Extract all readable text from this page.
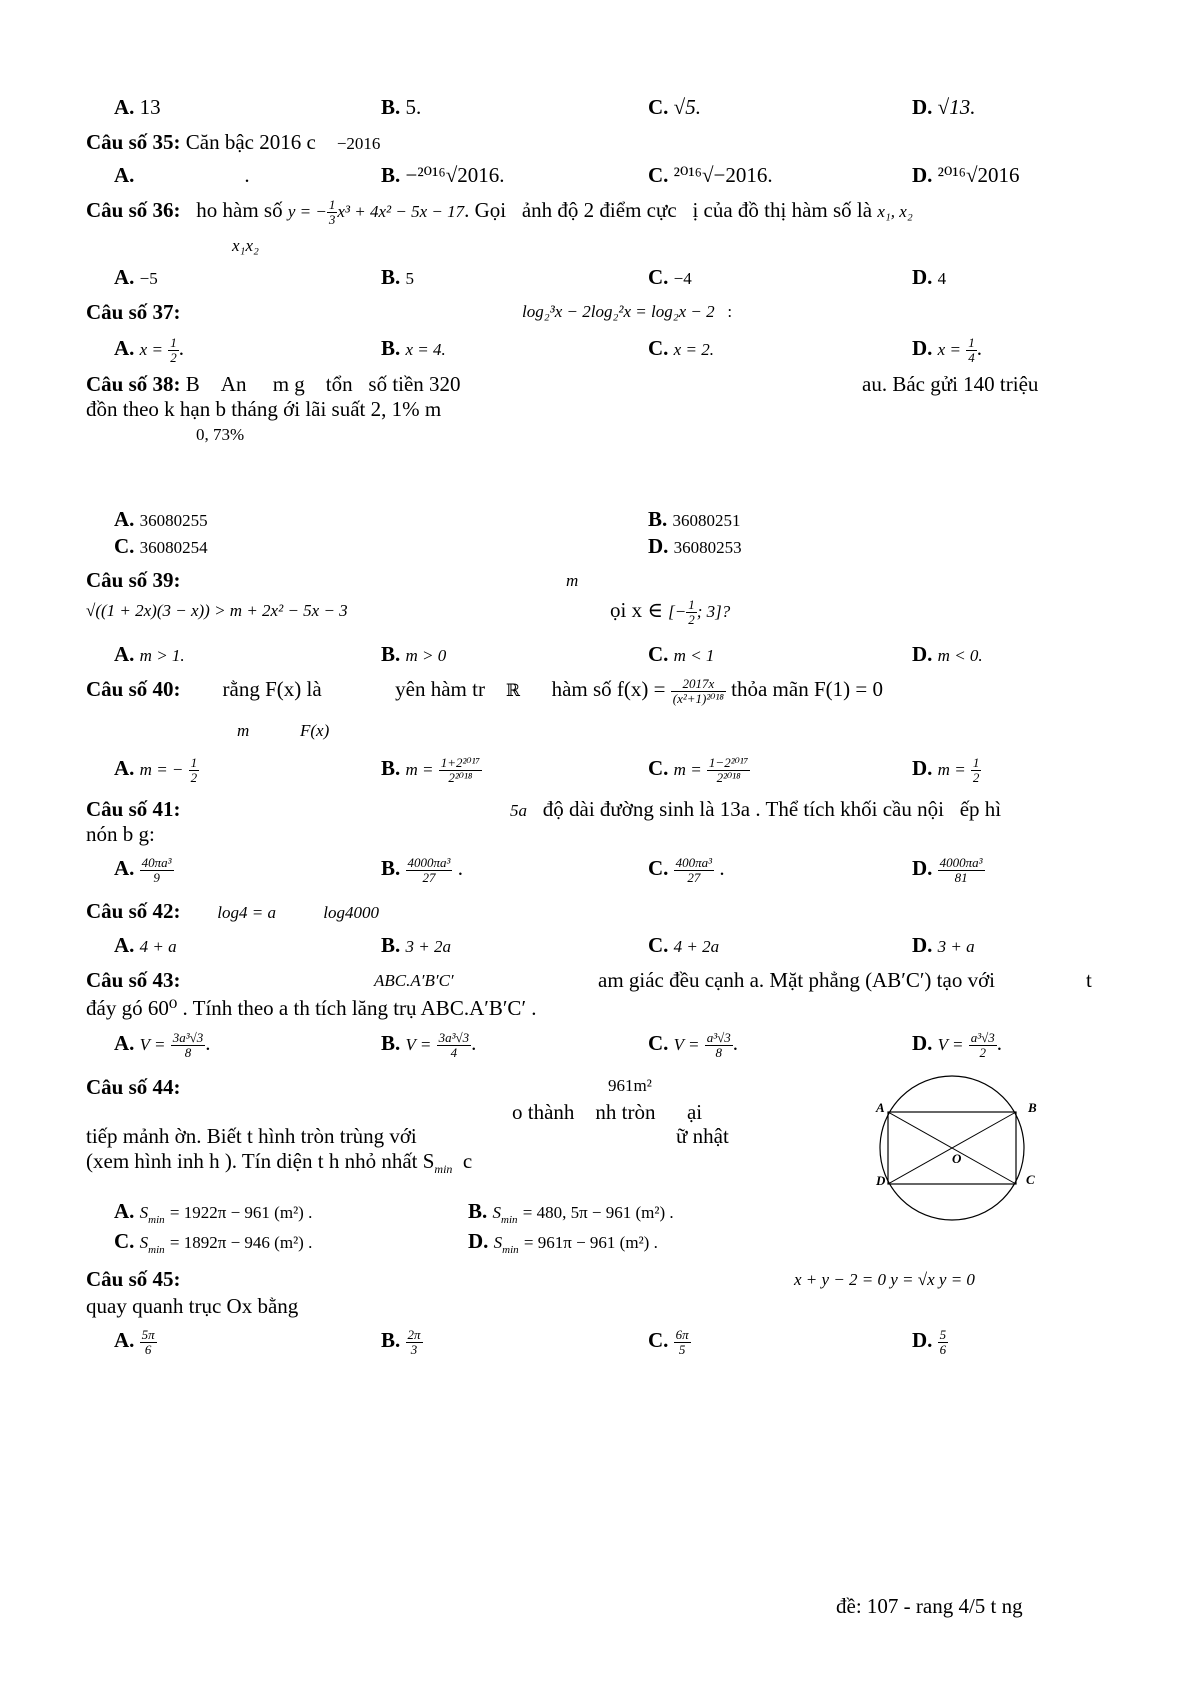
A. 13	B. 5.	C. √5.	D. √13.
Câu số 35: Căn bậc 2016 c −2016
A.	.	B. −²⁰¹⁶√2016.	C. ²⁰¹⁶√−2016.	D. ²⁰¹⁶√2016
Câu số 36: ho hàm số y = − $\frac{1}{3} x^3 + 4x^2 - 5x - 17$. Gọi ảnh độ 2 điểm cực ị của đồ thị hàm số là x₁, x₂
x₁x₂
A. −5	B. 5	C. −4	D. 4
Câu số 37:	log₂³x − 2log₂²x = log₂x − 2 :
A. $x = \frac{1}{2}$ .	B. x = 4.	C. x = 2.	D. $x = \frac{1}{4}$ .
Câu số 38: B An m g tổn số tiền 320	au. Bác gửi 140 triệu
đồn theo k hạn b tháng ới lãi suất 2, 1% m
0, 73%
A. 36080255	B. 36080251
C. 36080254	D. 36080253
Câu số 39:	m
√((1 + 2x)(3 − x)) > m + 2x² − 5x − 3	ọi x ∈ [− $\frac{1}{2}$ ; 3]?
A. m > 1.	B. m > 0	C. m < 1	D. m < 0.
Câu số 40: rằng F(x) là	yên hàm tr ℝ hàm số $f(x) = \frac{2017x}{\text{(x²+1)²⁰¹⁸}}$ thỏa mãn F(1) = 0
m	F(x)
A. m = − $\frac{1}{2}$	B. $m = \frac{\text{1+2²⁰¹⁷}}{\text{2²⁰¹⁸}}$	C. $m = \frac{\text{1−2²⁰¹⁷}}{\text{2²⁰¹⁸}}$	D. $m = \frac{1}{2}$
Câu số 41:	5a độ dài đường sinh là 13a . Thể tích khối cầu nội ếp hì
nón b g:
A. $\frac{\text{40πa³}}{9}$	B. $\frac{\text{4000πa³}}{27}$ .	C. $\frac{\text{400πa³}}{27}$ .	D. $\frac{\text{4000πa³}}{81}$
Câu số 42: log4 = a	log4000
A. 4 + a	B. 3 + 2a	C. 4 + 2a	D. 3 + a
Câu số 43:	ABC.A′B′C′	am giác đều cạnh a. Mặt phẳng (AB′C′) tạo với	t
đáy gó 60⁰ . Tính theo a th tích lăng trụ ABC.A′B′C′ .
A. $V = \frac{\text{3a³√3}}{8}$ .	B. $V = \frac{\text{3a³√3}}{4}$ .	C. $V = \frac{\text{a³√3}}{8}$ .	D. $V = \frac{\text{a³√3}}{2}$ .
Câu số 44:	961m²
o thành nh tròn ại
tiếp mảnh ờn. Biết t hình tròn trùng với	ữ nhật
(xem hình inh h ). Tín diện t h nhỏ nhất $S_{min}$ c
A	B
C
D
O
A. $S_{min} = 1922\pi - 961$ (m²) .	B. $S_{min} = 480$, 5π − 961 (m²) .
C. $S_{min} = 1892\pi - 946$ (m²) .	D. $S_{min} = 961\pi - 961$ (m²) .
Câu số 45:	x + y − 2 = 0 y = √x y = 0
quay quanh trục Ox bằng
A. $\frac{5\pi}{6}$	B. $\frac{2\pi}{3}$	C. $\frac{6\pi}{5}$	D. $\frac{5}{6}$
đề: 107 - rang 4/5 t ng
